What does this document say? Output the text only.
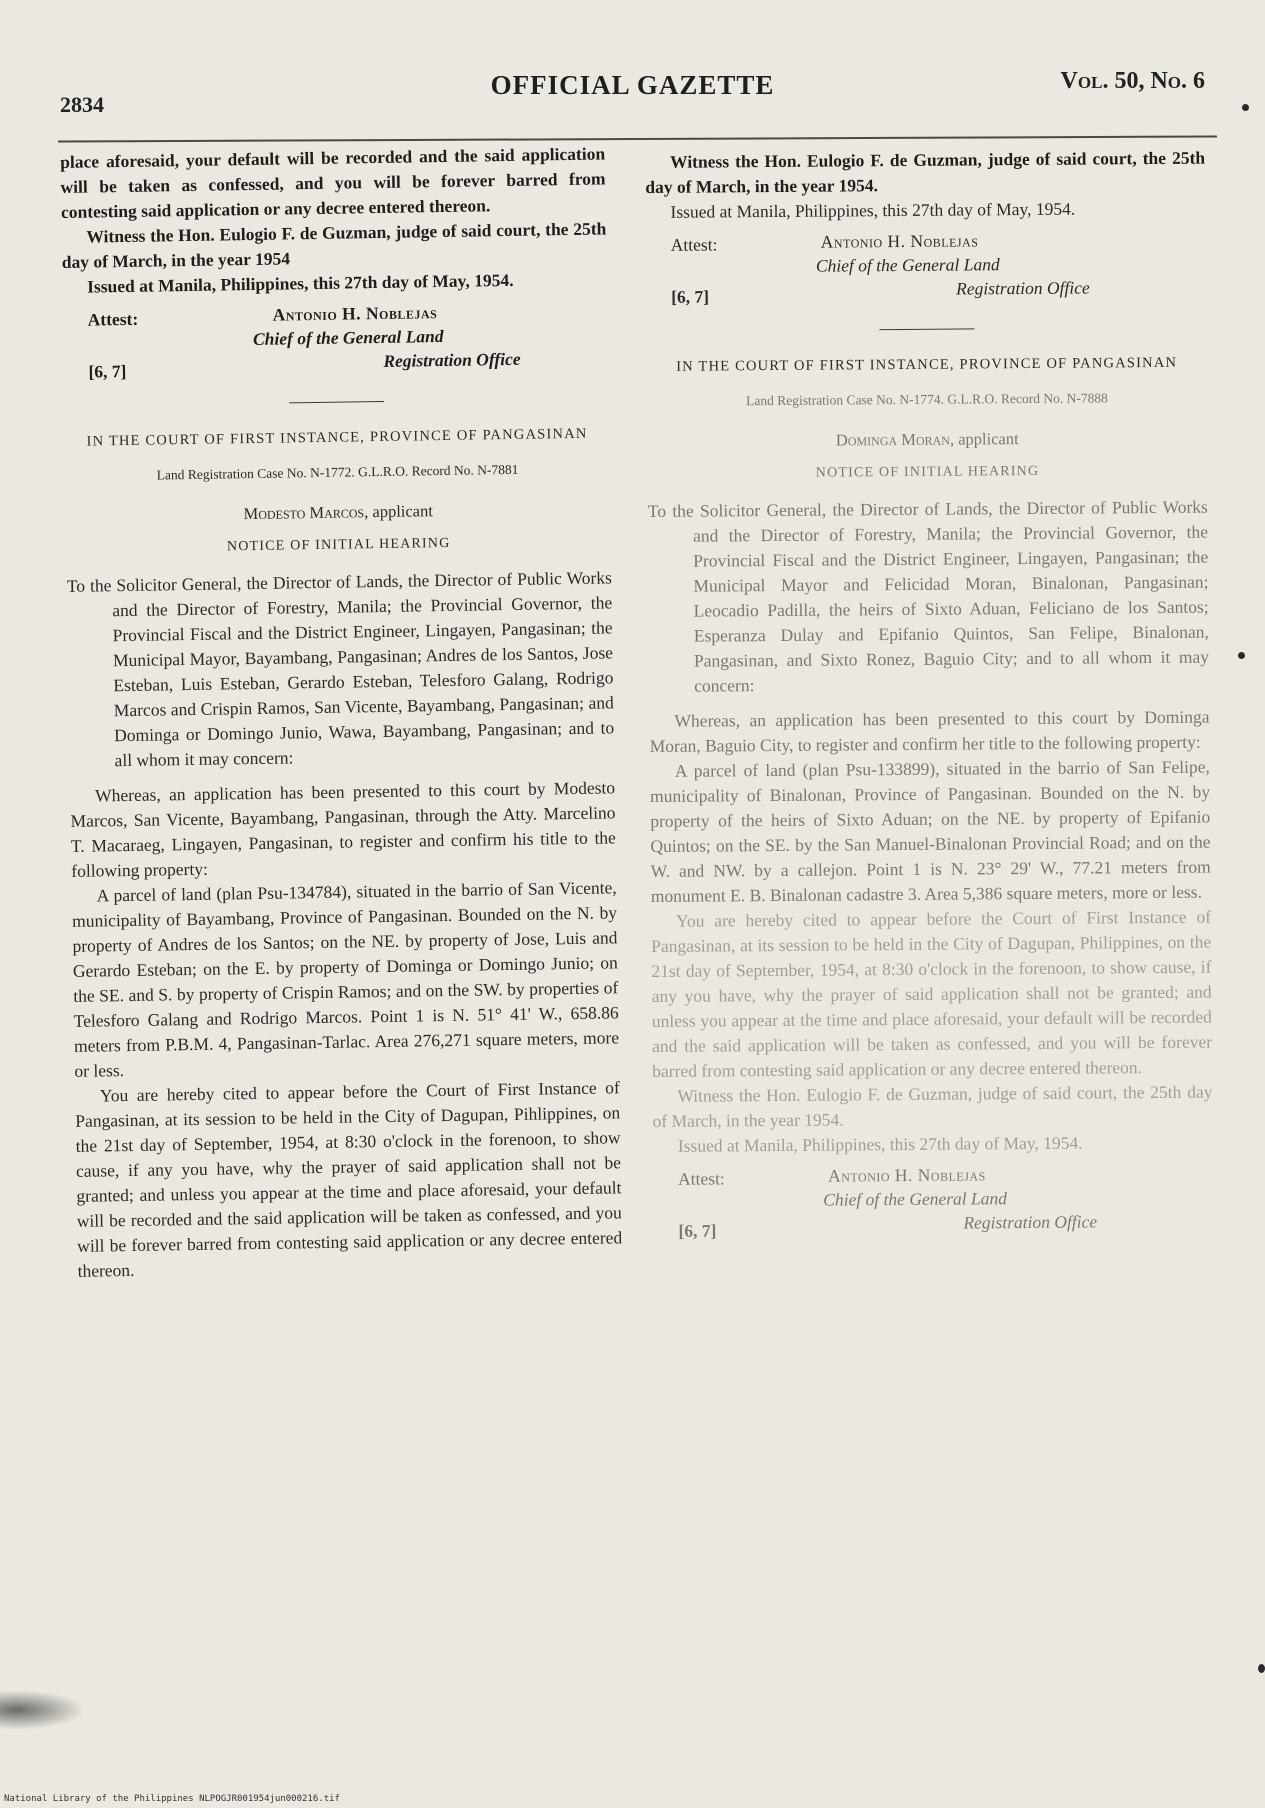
2834
OFFICIAL GAZETTE	Vol. 50, No. 6

place aforesaid, your default will be recorded and the said application will be taken as confessed, and you will be forever barred from contesting said application or any decree entered thereon.

Witness the Hon. Eulogio F. de Guzman, judge of said court, the 25th day of March, in the year 1954

Issued at Manila, Philippines, this 27th day of May, 1954.

Attest:	Antonio H. Noblejas
Chief of the General Land
Registration Office
[6, 7]
IN THE COURT OF FIRST INSTANCE, PROVINCE OF PANGASINAN
Land Registration Case No. N-1772. G.L.R.O. Record No. N-7881
Modesto Marcos, applicant
NOTICE OF INITIAL HEARING

To the Solicitor General, the Director of Lands, the Director of Public Works and the Director of Forestry, Manila; the Provincial Governor, the Provincial Fiscal and the District Engineer, Lingayen, Pangasinan; the Municipal Mayor, Bayambang, Pangasinan; Andres de los Santos, Jose Esteban, Luis Esteban, Gerardo Esteban, Telesforo Galang, Rodrigo Marcos and Crispin Ramos, San Vicente, Bayambang, Pangasinan; and Dominga or Domingo Junio, Wawa, Bayambang, Pangasinan; and to all whom it may concern:

Whereas, an application has been presented to this court by Modesto Marcos, San Vicente, Bayambang, Pangasinan, through the Atty. Marcelino T. Macaraeg, Lingayen, Pangasinan, to register and confirm his title to the following property:

A parcel of land (plan Psu-134784), situated in the barrio of San Vicente, municipality of Bayambang, Province of Pangasinan. Bounded on the N. by property of Andres de los Santos; on the NE. by property of Jose, Luis and Gerardo Esteban; on the E. by property of Dominga or Domingo Junio; on the SE. and S. by property of Crispin Ramos; and on the SW. by properties of Telesforo Galang and Rodrigo Marcos. Point 1 is N. 51° 41' W., 658.86 meters from P.B.M. 4, Pangasinan-Tarlac. Area 276,271 square meters, more or less.

You are hereby cited to appear before the Court of First Instance of Pangasinan, at its session to be held in the City of Dagupan, Pihlippines, on the 21st day of September, 1954, at 8:30 o'clock in the forenoon, to show cause, if any you have, why the prayer of said application shall not be granted; and unless you appear at the time and place aforesaid, your default will be recorded and the said application will be taken as confessed, and you will be forever barred from contesting said application or any decree entered thereon.

Witness the Hon. Eulogio F. de Guzman, judge of said court, the 25th day of March, in the year 1954.

Issued at Manila, Philippines, this 27th day of May, 1954.

Attest:	Antonio H. Noblejas
Chief of the General Land
Registration Office
[6, 7]
IN THE COURT OF FIRST INSTANCE, PROVINCE OF PANGASINAN
Land Registration Case No. N-1774. G.L.R.O. Record No. N-7888
Dominga Moran, applicant
NOTICE OF INITIAL HEARING

To the Solicitor General, the Director of Lands, the Director of Public Works and the Director of Forestry, Manila; the Provincial Governor, the Provincial Fiscal and the District Engineer, Lingayen, Pangasinan; the Municipal Mayor and Felicidad Moran, Binalonan, Pangasinan; Leocadio Padilla, the heirs of Sixto Aduan, Feliciano de los Santos; Esperanza Dulay and Epifanio Quintos, San Felipe, Binalonan, Pangasinan, and Sixto Ronez, Baguio City; and to all whom it may concern:

Whereas, an application has been presented to this court by Dominga Moran, Baguio City, to register and confirm her title to the following property:

A parcel of land (plan Psu-133899), situated in the barrio of San Felipe, municipality of Binalonan, Province of Pangasinan. Bounded on the N. by property of the heirs of Sixto Aduan; on the NE. by property of Epifanio Quintos; on the SE. by the San Manuel-Binalonan Provincial Road; and on the W. and NW. by a callejon. Point 1 is N. 23° 29' W., 77.21 meters from monument E. B. Binalonan cadastre 3. Area 5,386 square meters, more or less.

You are hereby cited to appear before the Court of First Instance of Pangasinan, at its session to be held in the City of Dagupan, Philippines, on the 21st day of September, 1954, at 8:30 o'clock in the forenoon, to show cause, if any you have, why the prayer of said application shall not be granted; and unless you appear at the time and place aforesaid, your default will be recorded and the said application will be taken as confessed, and you will be forever barred from contesting said application or any decree entered thereon.

Witness the Hon. Eulogio F. de Guzman, judge of said court, the 25th day of March, in the year 1954.

Issued at Manila, Philippines, this 27th day of May, 1954.

Attest:	Antonio H. Noblejas
Chief of the General Land
Registration Office
[6, 7]
National Library of the Philippines NLPOGJR001954jun000216.tif
